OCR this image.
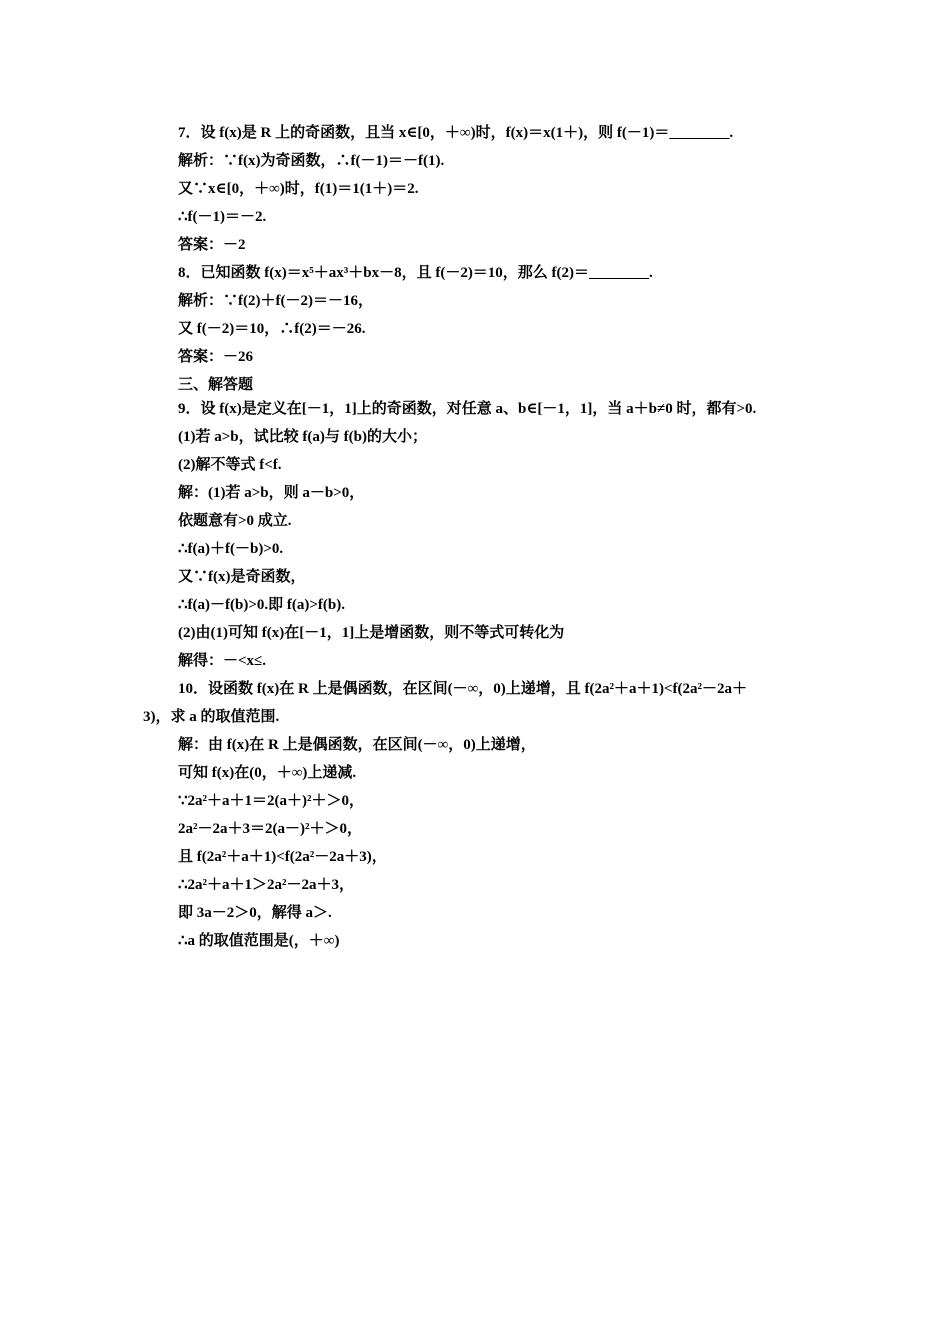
7．设 f(x)是 R 上的奇函数，且当 x∈[0，＋∞)时，f(x)＝x(1＋)，则 f(－1)＝________.
解析：∵f(x)为奇函数，∴f(－1)＝－f(1).
又∵x∈[0，＋∞)时，f(1)＝1(1＋)＝2.
∴f(－1)＝－2.
答案：－2
8．已知函数 f(x)＝x⁵＋ax³＋bx－8，且 f(－2)＝10，那么 f(2)＝________.
解析：∵f(2)＋f(－2)＝－16，
又 f(－2)＝10，∴f(2)＝－26.
答案：－26
三、解答题
9．设 f(x)是定义在[－1，1]上的奇函数，对任意 a、b∈[－1，1]，当 a＋b≠0 时，都有>0.
(1)若 a>b，试比较 f(a)与 f(b)的大小；
(2)解不等式 f<f.
解：(1)若 a>b，则 a－b>0，
依题意有>0 成立.
∴f(a)＋f(－b)>0.
又∵f(x)是奇函数，
∴f(a)－f(b)>0.即 f(a)>f(b).
(2)由(1)可知 f(x)在[－1，1]上是增函数，则不等式可转化为
解得：－<x≤.
10．设函数 f(x)在 R 上是偶函数，在区间(－∞，0)上递增，且 f(2a²＋a＋1)<f(2a²－2a＋
3)，求 a 的取值范围.
解：由 f(x)在 R 上是偶函数，在区间(－∞，0)上递增，
可知 f(x)在(0，＋∞)上递减.
∵2a²＋a＋1＝2(a＋)²＋＞0，
2a²－2a＋3＝2(a－)²＋＞0，
且 f(2a²＋a＋1)<f(2a²－2a＋3)，
∴2a²＋a＋1＞2a²－2a＋3，
即 3a－2＞0，解得 a＞.
∴a 的取值范围是(，＋∞)
